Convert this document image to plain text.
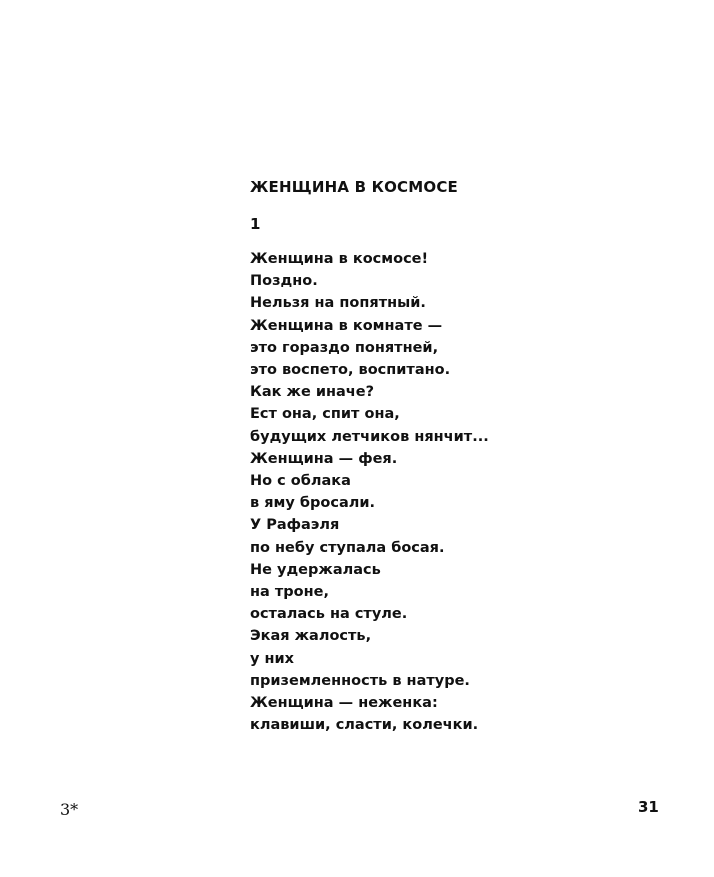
ЖЕНЩИНА В КОСМОСЕ
1
Женщина в космосе!
Поздно.
Нельзя на попятный.
Женщина в комнате —
это гораздо понятней,
это воспето, воспитано.
Как же иначе?
Ест она, спит она,
будущих летчиков нянчит...
Женщина — фея.
Но с облака
в яму бросали.
У Рафаэля
по небу ступала босая.
Не удержалась
на троне,
осталась на стуле.
Экая жалость,
у них
приземленность в натуре.
Женщина — неженка:
клавиши, сласти, колечки.
3*	31
